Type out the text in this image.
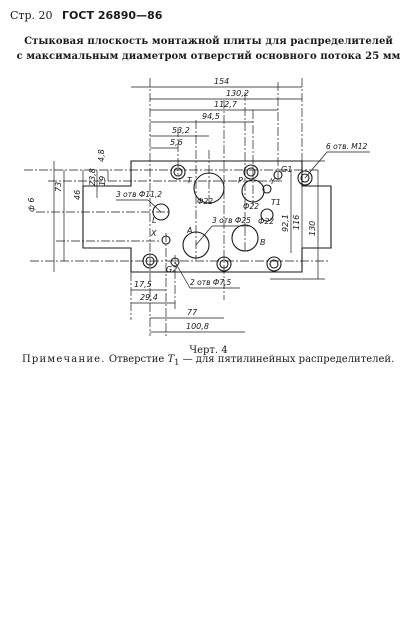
Стр. 20 ГОСТ 26890—86
Стыковая плоскость монтажной плиты для распределителей
с максимальным диаметром отверстий основного потока 25 мм
154
130,2
112,7
94,5
53,2
5,6
17,5
29,4
77
100,8
4,8
19
23,8
46
73
92,1 116 130
ф 6
T	P	Y
L
X	A
B
T1
G1
G2
6 отв. М12
3 отв Ф11,2
3 отв Ф25
Ф22
Ф22
Ф22
2 отв Ф7,5
Черт. 4
Примечание. Отверстие $T_1$ — для пятилинейных распределителей.
